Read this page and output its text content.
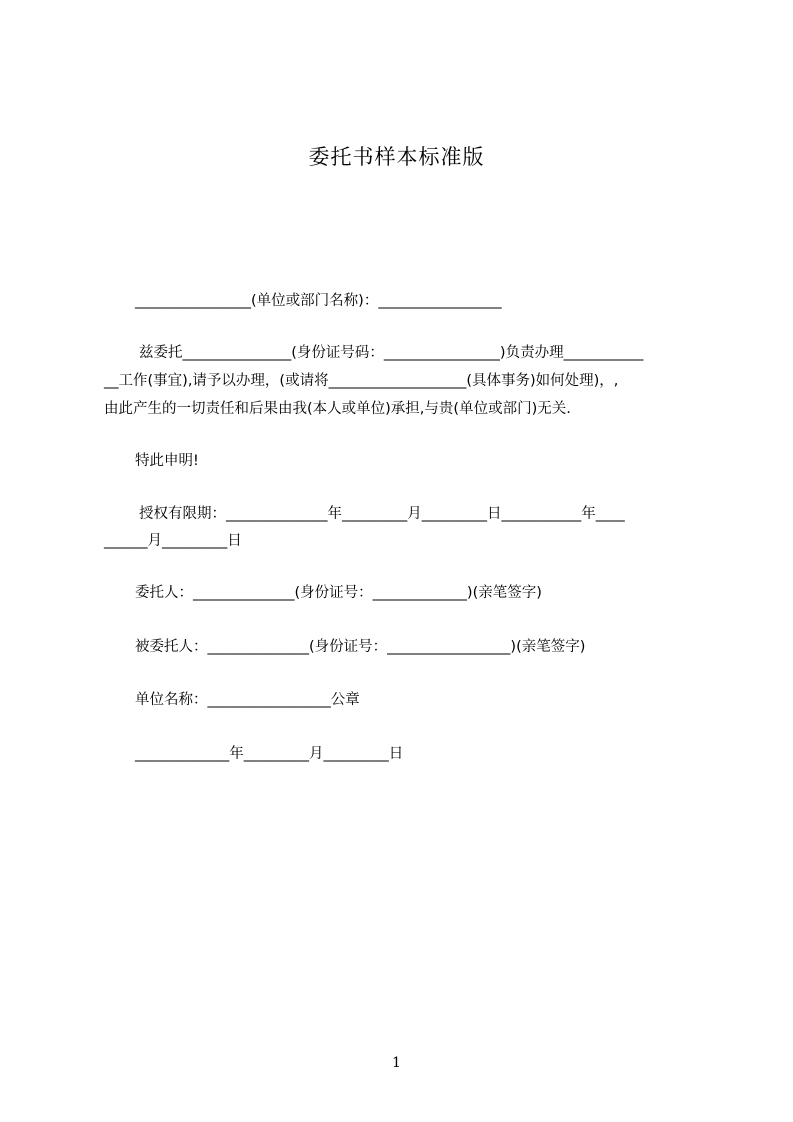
委托书样本标准版
________________(单位或部门名称)：_________________
兹委托_______________(身份证号码：________________)负责办理___________
__工作(事宜),请予以办理，(或请将___________________(具体事务)如何处理)，,
由此产生的一切责任和后果由我(本人或单位)承担,与贵(单位或部门)无关.
特此申明!
授权有限期：______________年_________月_________日___________年____
______月_________日
委托人：______________(身份证号：_____________)(亲笔签字)
被委托人：______________(身份证号：_________________)(亲笔签字)
单位名称：_________________公章
_____________年_________月_________日
1
